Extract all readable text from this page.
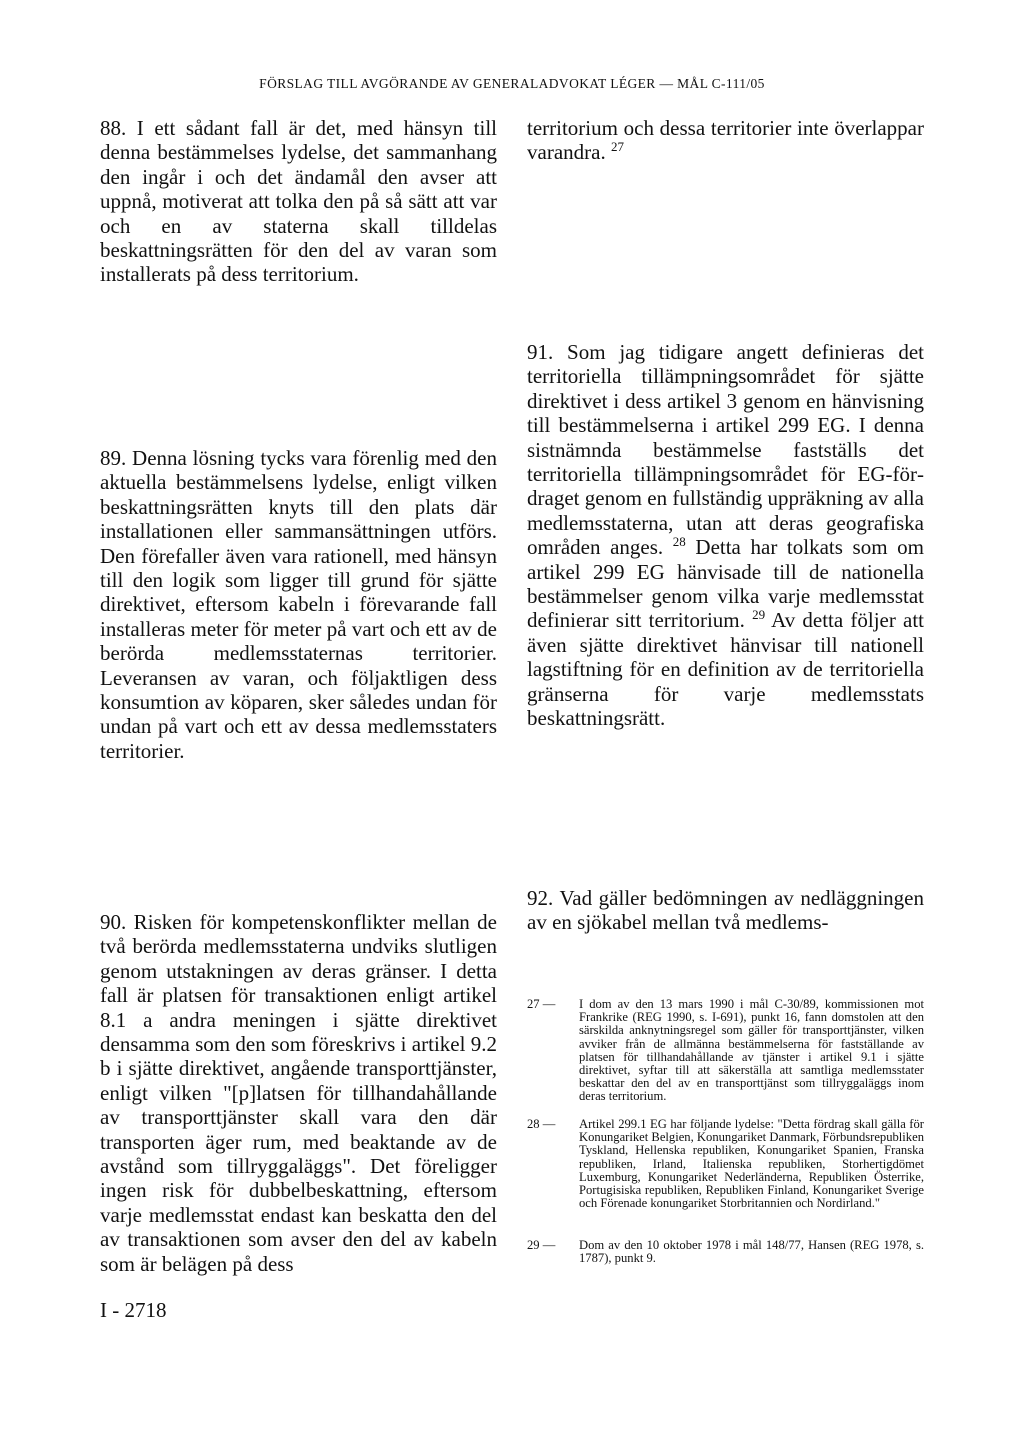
FÖRSLAG TILL AVGÖRANDE AV GENERALADVOKAT LÉGER — MÅL C-111/05

88. I ett sådant fall är det, med hänsyn till denna bestämmelses lydelse, det sammanhang den ingår i och det ändamål den avser att uppnå, motiverat att tolka den på så sätt att var och en av staterna skall tilldelas beskattningsrätten för den del av varan som installerats på dess territorium.

89. Denna lösning tycks vara förenlig med den aktuella bestämmelsens lydelse, enligt vilken beskattningsrätten knyts till den plats där installationen eller sammansättningen utförs. Den förefaller även vara rationell, med hänsyn till den logik som ligger till grund för sjätte direktivet, eftersom kabeln i förevarande fall installeras meter för meter på vart och ett av de berörda medlemsstaternas territorier. Leveransen av varan, och följaktligen dess konsumtion av köparen, sker således undan för undan på vart och ett av dessa medlemsstaters territorier.

90. Risken för kompetenskonflikter mellan de två berörda medlemsstaterna undviks slutligen genom utstakningen av deras gränser. I detta fall är platsen för transaktionen enligt artikel 8.1 a andra meningen i sjätte direktivet densamma som den som föreskrivs i artikel 9.2 b i sjätte direktivet, angående transporttjänster, enligt vilken "[p]latsen för tillhandahållande av transporttjänster skall vara den där transporten äger rum, med beaktande av de avstånd som tillryggaläggs". Det föreligger ingen risk för dubbelbeskattning, eftersom varje medlemsstat endast kan beskatta den del av transaktionen som avser den del av kabeln som är belägen på dess

territorium och dessa territorier inte överlappar varandra. $^{27}$

91. Som jag tidigare angett definieras det territoriella tillämpningsområdet för sjätte direktivet i dess artikel 3 genom en hänvisning till bestämmelserna i artikel 299 EG. I denna sistnämnda bestämmelse fastställs det territoriella tillämpningsområdet för EG-fördraget genom en fullständig uppräkning av alla medlemsstaterna, utan att deras geografiska områden anges. $^{28}$ Detta har tolkats som om artikel 299 EG hänvisade till de nationella bestämmelser genom vilka varje medlemsstat definierar sitt territorium. $^{29}$ Av detta följer att även sjätte direktivet hänvisar till nationell lagstiftning för en definition av de territoriella gränserna för varje medlemsstats beskattningsrätt.

92. Vad gäller bedömningen av nedläggningen av en sjökabel mellan två medlems-

27 —	I dom av den 13 mars 1990 i mål C-30/89, kommissionen mot Frankrike (REG 1990, s. I-691), punkt 16, fann domstolen att den särskilda anknytningsregel som gäller för transporttjänster, vilken avviker från de allmänna bestämmelserna för fastställande av platsen för tillhandahållande av tjänster i artikel 9.1 i sjätte direktivet, syftar till att säkerställa att samtliga medlemsstater beskattar den del av en transporttjänst som tillryggaläggs inom deras territorium.
28 —	Artikel 299.1 EG har följande lydelse: "Detta fördrag skall gälla för Konungariket Belgien, Konungariket Danmark, Förbundsrepubliken Tyskland, Hellenska republiken, Konungariket Spanien, Franska republiken, Irland, Italienska republiken, Storhertigdömet Luxemburg, Konungariket Nederländerna, Republiken Österrike, Portugisiska republiken, Republiken Finland, Konungariket Sverige och Förenade konungariket Storbritannien och Nordirland."
29 —	Dom av den 10 oktober 1978 i mål 148/77, Hansen (REG 1978, s. 1787), punkt 9.
I - 2718
